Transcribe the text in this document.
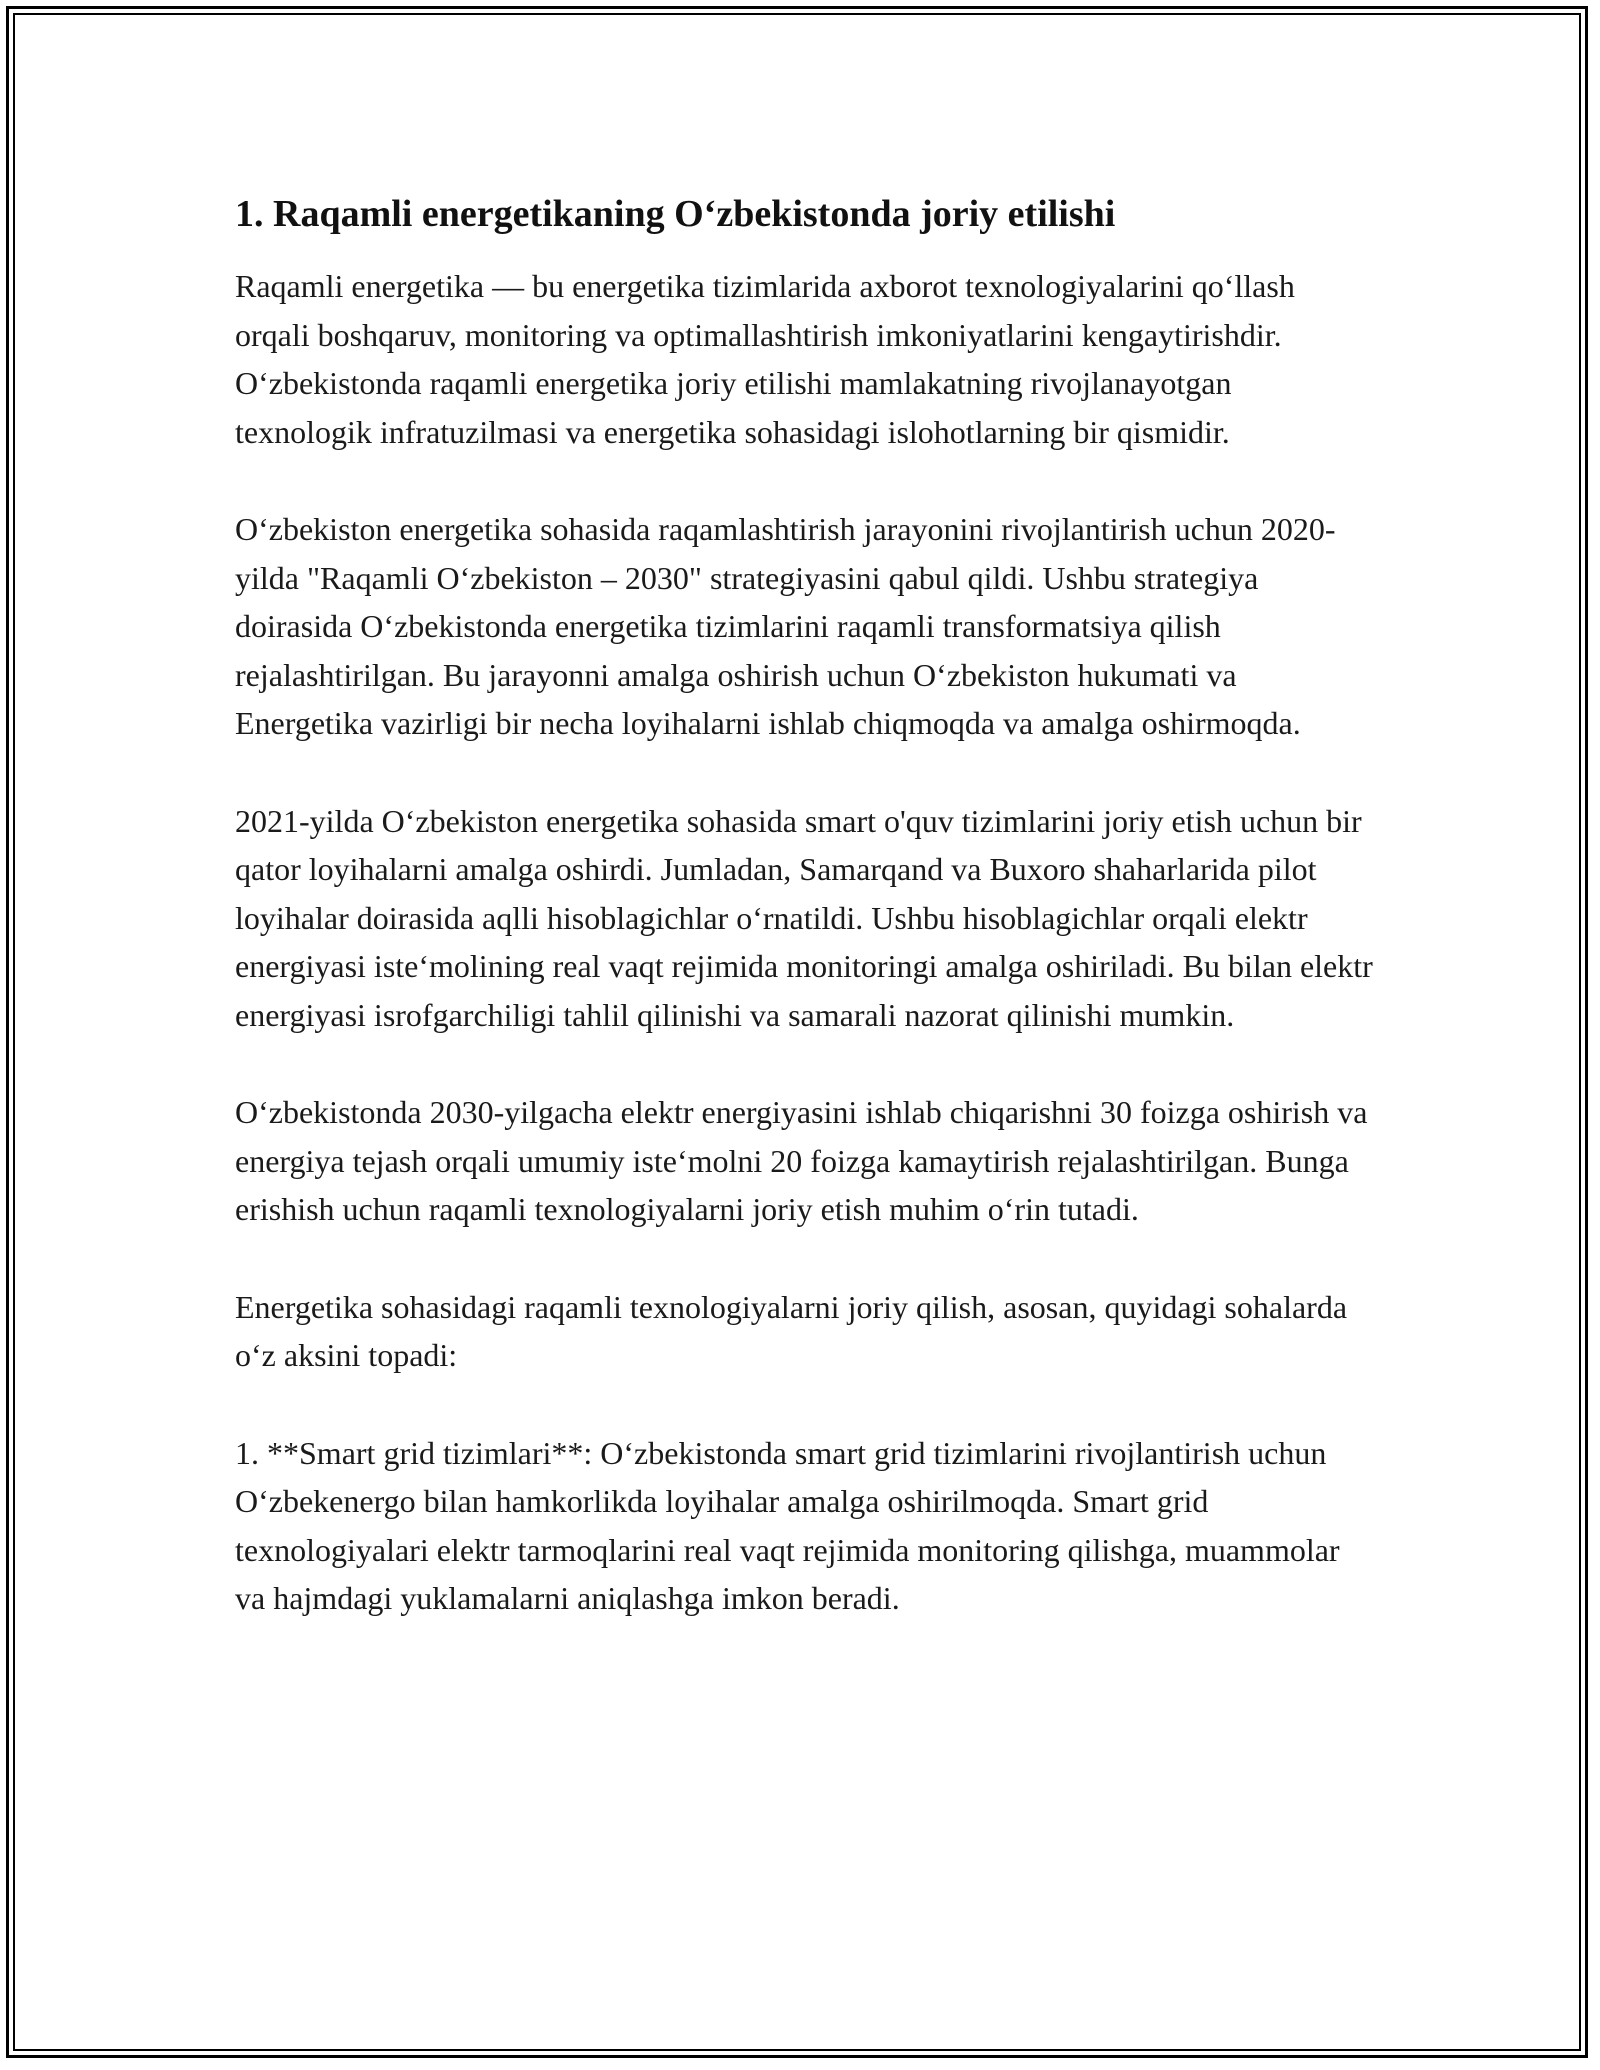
1. Raqamli energetikaning O‘zbekistonda joriy etilishi

Raqamli energetika — bu energetika tizimlarida axborot texnologiyalarini qo‘llash orqali boshqaruv, monitoring va optimallashtirish imkoniyatlarini kengaytirishdir. O‘zbekistonda raqamli energetika joriy etilishi mamlakatning rivojlanayotgan texnologik infratuzilmasi va energetika sohasidagi islohotlarning bir qismidir.

O‘zbekiston energetika sohasida raqamlashtirish jarayonini rivojlantirish uchun 2020-yilda "Raqamli O‘zbekiston – 2030" strategiyasini qabul qildi. Ushbu strategiya doirasida O‘zbekistonda energetika tizimlarini raqamli transformatsiya qilish rejalashtirilgan. Bu jarayonni amalga oshirish uchun O‘zbekiston hukumati va Energetika vazirligi bir necha loyihalarni ishlab chiqmoqda va amalga oshirmoqda.

2021-yilda O‘zbekiston energetika sohasida smart o'quv tizimlarini joriy etish uchun bir qator loyihalarni amalga oshirdi. Jumladan, Samarqand va Buxoro shaharlarida pilot loyihalar doirasida aqlli hisoblagichlar o‘rnatildi. Ushbu hisoblagichlar orqali elektr energiyasi iste‘molining real vaqt rejimida monitoringi amalga oshiriladi. Bu bilan elektr energiyasi isrofgarchiligi tahlil qilinishi va samarali nazorat qilinishi mumkin.

O‘zbekistonda 2030-yilgacha elektr energiyasini ishlab chiqarishni 30 foizga oshirish va energiya tejash orqali umumiy iste‘molni 20 foizga kamaytirish rejalashtirilgan. Bunga erishish uchun raqamli texnologiyalarni joriy etish muhim o‘rin tutadi.

Energetika sohasidagi raqamli texnologiyalarni joriy qilish, asosan, quyidagi sohalarda o‘z aksini topadi:

1. **Smart grid tizimlari**: O‘zbekistonda smart grid tizimlarini rivojlantirish uchun O‘zbekenergo bilan hamkorlikda loyihalar amalga oshirilmoqda. Smart grid texnologiyalari elektr tarmoqlarini real vaqt rejimida monitoring qilishga, muammolar va hajmdagi yuklamalarni aniqlashga imkon beradi.
